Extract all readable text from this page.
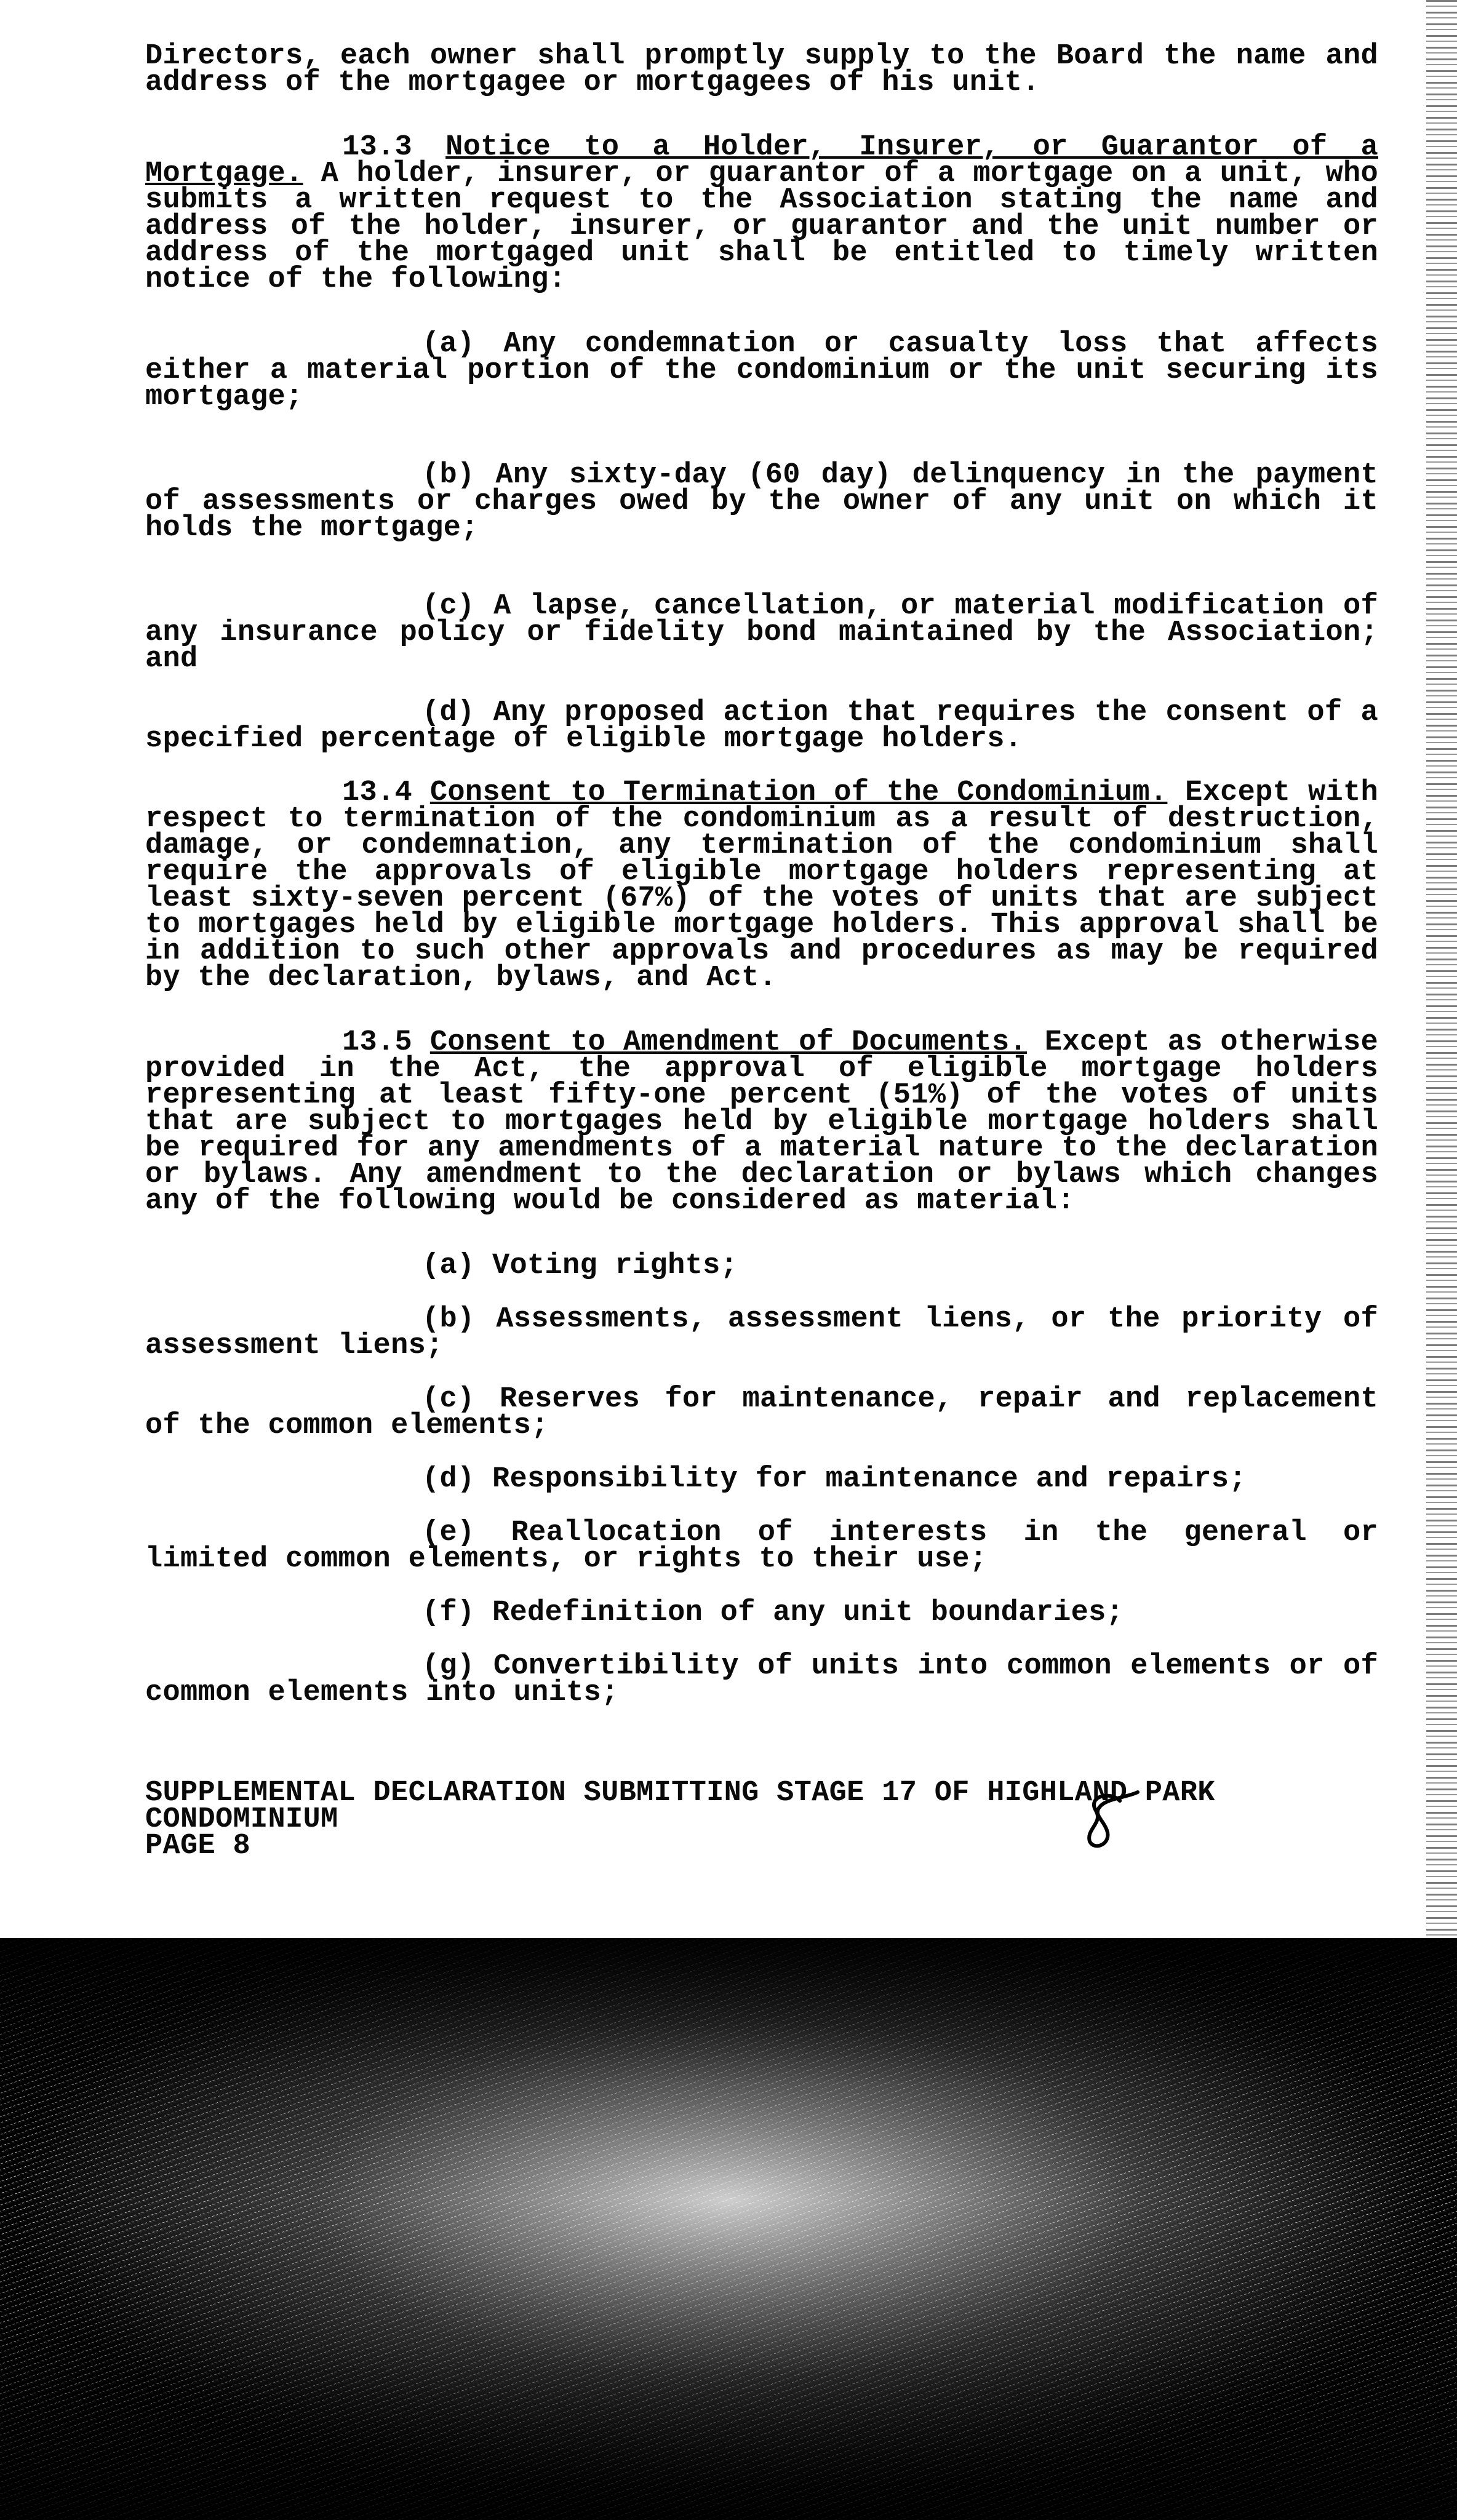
Directors, each owner shall promptly supply to the Board the name and address of the mortgagee or mortgagees of his unit.

13.3 Notice to a Holder, Insurer, or Guarantor of a Mortgage. A holder, insurer, or guarantor of a mortgage on a unit, who submits a written request to the Association stating the name and address of the holder, insurer, or guarantor and the unit number or address of the mortgaged unit shall be entitled to timely written notice of the following:

(a) Any condemnation or casualty loss that affects either a material portion of the condominium or the unit securing its mortgage;

(b) Any sixty-day (60 day) delinquency in the payment of assessments or charges owed by the owner of any unit on which it holds the mortgage;

(c) A lapse, cancellation, or material modification of any insurance policy or fidelity bond maintained by the Association; and

(d) Any proposed action that requires the consent of a specified percentage of eligible mortgage holders.

13.4 Consent to Termination of the Condominium. Except with respect to termination of the condominium as a result of destruction, damage, or condemnation, any termination of the condominium shall require the approvals of eligible mortgage holders representing at least sixty-seven percent (67%) of the votes of units that are subject to mortgages held by eligible mortgage holders. This approval shall be in addition to such other approvals and procedures as may be required by the declaration, bylaws, and Act.

13.5 Consent to Amendment of Documents. Except as otherwise provided in the Act, the approval of eligible mortgage holders representing at least fifty-one percent (51%) of the votes of units that are subject to mortgages held by eligible mortgage holders shall be required for any amendments of a material nature to the declaration or bylaws. Any amendment to the declaration or bylaws which changes any of the following would be considered as material:

(a) Voting rights;

(b) Assessments, assessment liens, or the priority of assessment liens;

(c) Reserves for maintenance, repair and replacement of the common elements;

(d) Responsibility for maintenance and repairs;

(e) Reallocation of interests in the general or limited common elements, or rights to their use;

(f) Redefinition of any unit boundaries;

(g) Convertibility of units into common elements or of common elements into units;

SUPPLEMENTAL DECLARATION SUBMITTING STAGE 17 OF HIGHLAND PARK CONDOMINIUM
PAGE 8
